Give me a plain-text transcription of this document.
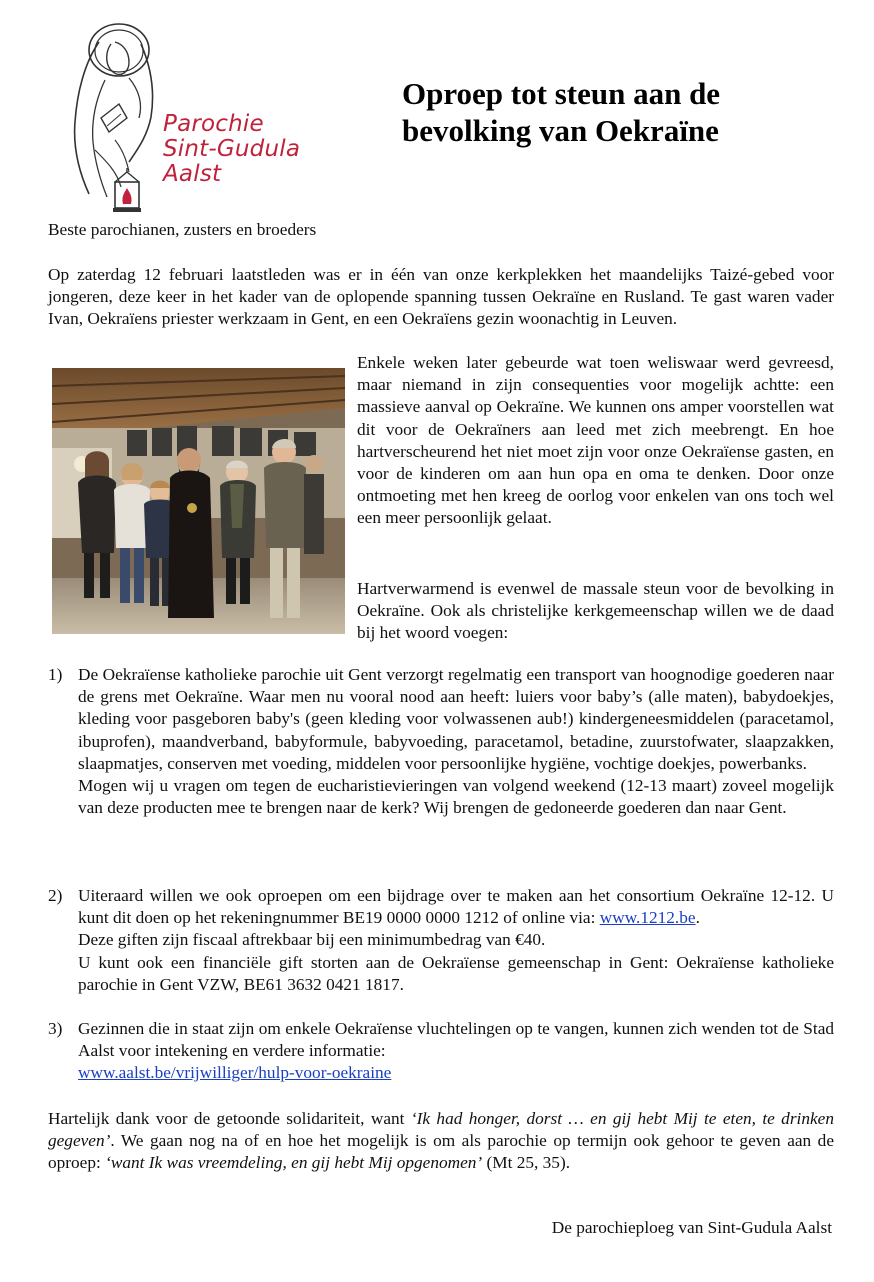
Parochie
Sint-Gudula
Aalst
Oproep tot steun aan de
bevolking van Oekraïne
Beste parochianen, zusters en broeders
Op zaterdag 12 februari laatstleden was er in één van onze kerkplekken het maandelijks Taizé-gebed voor jongeren, deze keer in het kader van de oplopende spanning tussen Oekraïne en Rusland. Te gast waren vader Ivan, Oekraïens priester werkzaam in Gent, en een Oekraïens gezin woonachtig in Leuven.
Enkele weken later gebeurde wat toen weliswaar werd gevreesd, maar niemand in zijn consequenties voor mogelijk achtte: een massieve aanval op Oekraïne. We kunnen ons amper voorstellen wat dit voor de Oekraïners aan leed met zich meebrengt. En hoe hartverscheurend het niet moet zijn voor onze Oekraïense gasten, en voor de kinderen om aan hun opa en oma te denken. Door onze ontmoeting met hen kreeg de oorlog voor enkelen van ons toch wel een meer persoonlijk gelaat.
Hartverwarmend is evenwel de massale steun voor de bevolking in Oekraïne. Ook als christelijke kerkgemeenschap willen we de daad bij het woord voegen:
1) De Oekraïense katholieke parochie uit Gent verzorgt regelmatig een transport van hoognodige goederen naar de grens met Oekraïne. Waar men nu vooral nood aan heeft: luiers voor baby’s (alle maten), babydoekjes, kleding voor pasgeboren baby's (geen kleding voor volwassenen aub!) kindergeneesmiddelen (paracetamol, ibuprofen), maandverband, babyformule, babyvoeding, paracetamol, betadine, zuurstofwater, slaapzakken, slaapmatjes, conserven met voeding, middelen voor persoonlijke hygiëne, vochtige doekjes, powerbanks.
Mogen wij u vragen om tegen de eucharistievieringen van volgend weekend (12-13 maart) zoveel mogelijk van deze producten mee te brengen naar de kerk? Wij brengen de gedoneerde goederen dan naar Gent.
2) Uiteraard willen we ook oproepen om een bijdrage over te maken aan het consortium Oekraïne 12-12. U kunt dit doen op het rekeningnummer BE19 0000 0000 1212 of online via: www.1212.be.
Deze giften zijn fiscaal aftrekbaar bij een minimumbedrag van €40.
U kunt ook een financiële gift storten aan de Oekraïense gemeenschap in Gent: Oekraïense katholieke parochie in Gent VZW, BE61 3632 0421 1817.
3) Gezinnen die in staat zijn om enkele Oekraïense vluchtelingen op te vangen, kunnen zich wenden tot de Stad Aalst voor intekening en verdere informatie:
www.aalst.be/vrijwilliger/hulp-voor-oekraine
Hartelijk dank voor de getoonde solidariteit, want ‘Ik had honger, dorst … en gij hebt Mij te eten, te drinken gegeven’. We gaan nog na of en hoe het mogelijk is om als parochie op termijn ook gehoor te geven aan de oproep: ‘want Ik was vreemdeling, en gij hebt Mij opgenomen’ (Mt 25, 35).
De parochieploeg van Sint-Gudula Aalst
